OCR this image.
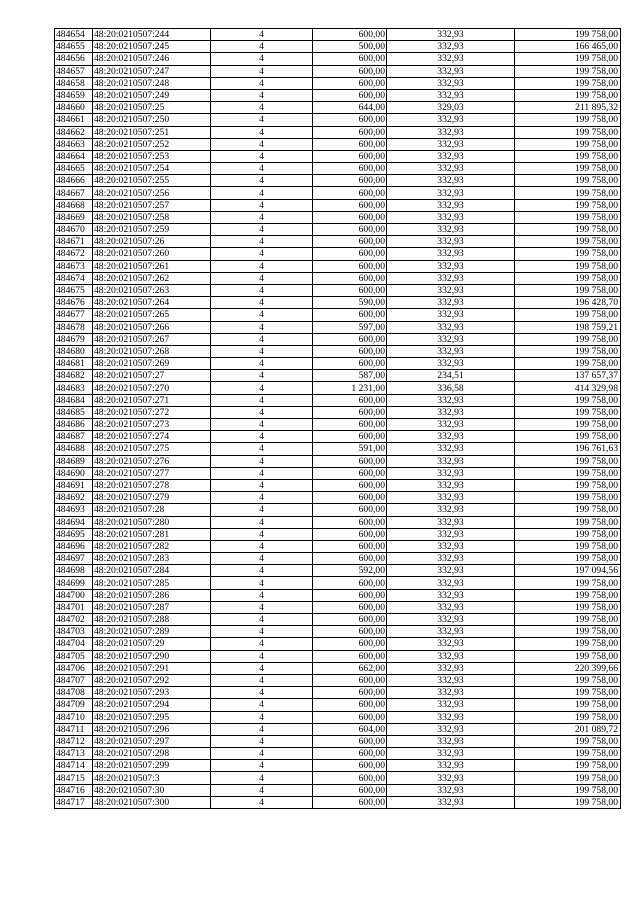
484654	48:20:0210507:244	4	600,00	332,93	199 758,00
484655	48:20:0210507:245	4	500,00	332,93	166 465,00
484656	48:20:0210507:246	4	600,00	332,93	199 758,00
484657	48:20:0210507:247	4	600,00	332,93	199 758,00
484658	48:20:0210507:248	4	600,00	332,93	199 758,00
484659	48:20:0210507:249	4	600,00	332,93	199 758,00
484660	48:20:0210507:25	4	644,00	329,03	211 895,32
484661	48:20:0210507:250	4	600,00	332,93	199 758,00
484662	48:20:0210507:251	4	600,00	332,93	199 758,00
484663	48:20:0210507:252	4	600,00	332,93	199 758,00
484664	48:20:0210507:253	4	600,00	332,93	199 758,00
484665	48:20:0210507:254	4	600,00	332,93	199 758,00
484666	48:20:0210507:255	4	600,00	332,93	199 758,00
484667	48:20:0210507:256	4	600,00	332,93	199 758,00
484668	48:20:0210507:257	4	600,00	332,93	199 758,00
484669	48:20:0210507:258	4	600,00	332,93	199 758,00
484670	48:20:0210507:259	4	600,00	332,93	199 758,00
484671	48:20:0210507:26	4	600,00	332,93	199 758,00
484672	48:20:0210507:260	4	600,00	332,93	199 758,00
484673	48:20:0210507:261	4	600,00	332,93	199 758,00
484674	48:20:0210507:262	4	600,00	332,93	199 758,00
484675	48:20:0210507:263	4	600,00	332,93	199 758,00
484676	48:20:0210507:264	4	590,00	332,93	196 428,70
484677	48:20:0210507:265	4	600,00	332,93	199 758,00
484678	48:20:0210507:266	4	597,00	332,93	198 759,21
484679	48:20:0210507:267	4	600,00	332,93	199 758,00
484680	48:20:0210507:268	4	600,00	332,93	199 758,00
484681	48:20:0210507:269	4	600,00	332,93	199 758,00
484682	48:20:0210507:27	4	587,00	234,51	137 657,37
484683	48:20:0210507:270	4	1 231,00	336,58	414 329,98
484684	48:20:0210507:271	4	600,00	332,93	199 758,00
484685	48:20:0210507:272	4	600,00	332,93	199 758,00
484686	48:20:0210507:273	4	600,00	332,93	199 758,00
484687	48:20:0210507:274	4	600,00	332,93	199 758,00
484688	48:20:0210507:275	4	591,00	332,93	196 761,63
484689	48:20:0210507:276	4	600,00	332,93	199 758,00
484690	48:20:0210507:277	4	600,00	332,93	199 758,00
484691	48:20:0210507:278	4	600,00	332,93	199 758,00
484692	48:20:0210507:279	4	600,00	332,93	199 758,00
484693	48:20:0210507:28	4	600,00	332,93	199 758,00
484694	48:20:0210507:280	4	600,00	332,93	199 758,00
484695	48:20:0210507:281	4	600,00	332,93	199 758,00
484696	48:20:0210507:282	4	600,00	332,93	199 758,00
484697	48:20:0210507:283	4	600,00	332,93	199 758,00
484698	48:20:0210507:284	4	592,00	332,93	197 094,56
484699	48:20:0210507:285	4	600,00	332,93	199 758,00
484700	48:20:0210507:286	4	600,00	332,93	199 758,00
484701	48:20:0210507:287	4	600,00	332,93	199 758,00
484702	48:20:0210507:288	4	600,00	332,93	199 758,00
484703	48:20:0210507:289	4	600,00	332,93	199 758,00
484704	48:20:0210507:29	4	600,00	332,93	199 758,00
484705	48:20:0210507:290	4	600,00	332,93	199 758,00
484706	48:20:0210507:291	4	662,00	332,93	220 399,66
484707	48:20:0210507:292	4	600,00	332,93	199 758,00
484708	48:20:0210507:293	4	600,00	332,93	199 758,00
484709	48:20:0210507:294	4	600,00	332,93	199 758,00
484710	48:20:0210507:295	4	600,00	332,93	199 758,00
484711	48:20:0210507:296	4	604,00	332,93	201 089,72
484712	48:20:0210507:297	4	600,00	332,93	199 758,00
484713	48:20:0210507:298	4	600,00	332,93	199 758,00
484714	48:20:0210507:299	4	600,00	332,93	199 758,00
484715	48:20:0210507:3	4	600,00	332,93	199 758,00
484716	48:20:0210507:30	4	600,00	332,93	199 758,00
484717	48:20:0210507:300	4	600,00	332,93	199 758,00
